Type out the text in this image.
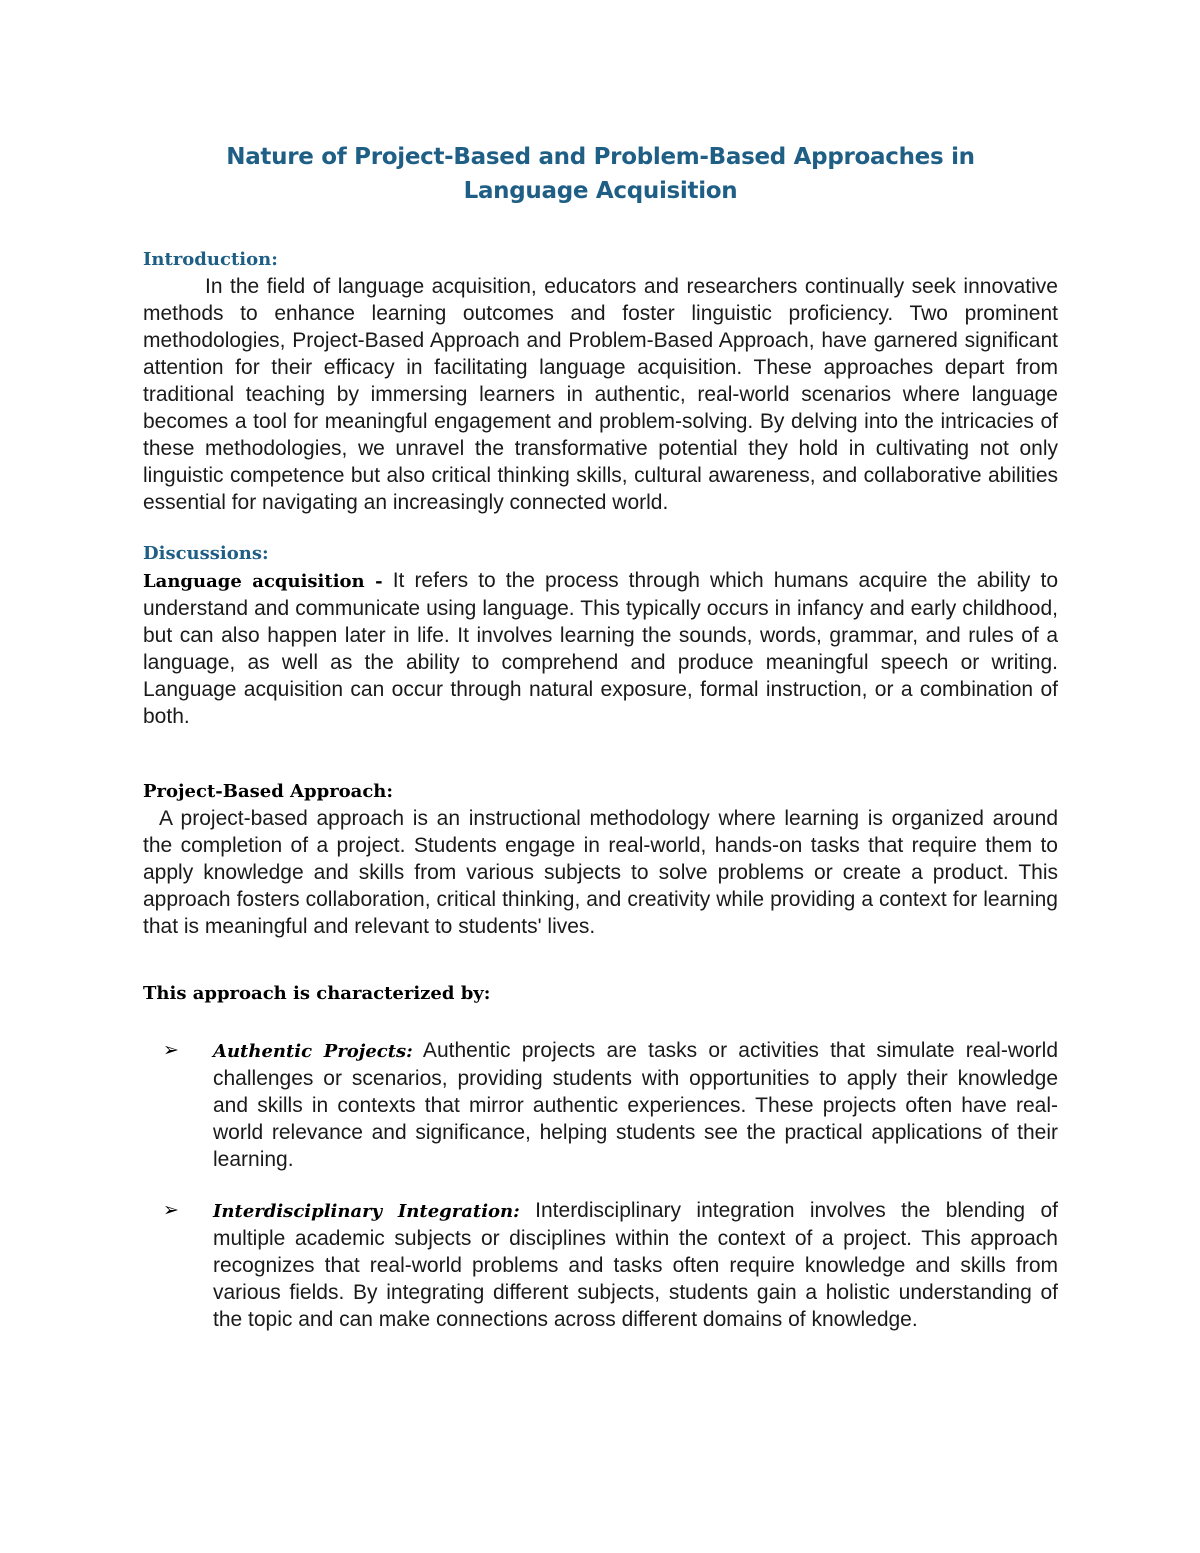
Nature of Project-Based and Problem-Based Approaches in
Language Acquisition

Introduction:

In the field of language acquisition, educators and researchers continually seek innovative methods to enhance learning outcomes and foster linguistic proficiency. Two prominent methodologies, Project-Based Approach and Problem-Based Approach, have garnered significant attention for their efficacy in facilitating language acquisition. These approaches depart from traditional teaching by immersing learners in authentic, real-world scenarios where language becomes a tool for meaningful engagement and problem-solving. By delving into the intricacies of these methodologies, we unravel the transformative potential they hold in cultivating not only linguistic competence but also critical thinking skills, cultural awareness, and collaborative abilities essential for navigating an increasingly connected world.

Discussions:

Language acquisition - It refers to the process through which humans acquire the ability to understand and communicate using language. This typically occurs in infancy and early childhood, but can also happen later in life. It involves learning the sounds, words, grammar, and rules of a language, as well as the ability to comprehend and produce meaningful speech or writing. Language acquisition can occur through natural exposure, formal instruction, or a combination of both.

Project-Based Approach:

A project-based approach is an instructional methodology where learning is organized around the completion of a project. Students engage in real-world, hands-on tasks that require them to apply knowledge and skills from various subjects to solve problems or create a product. This approach fosters collaboration, critical thinking, and creativity while providing a context for learning that is meaningful and relevant to students' lives.

This approach is characterized by:

➢ Authentic Projects: Authentic projects are tasks or activities that simulate real-world challenges or scenarios, providing students with opportunities to apply their knowledge and skills in contexts that mirror authentic experiences. These projects often have real-world relevance and significance, helping students see the practical applications of their learning.

➢ Interdisciplinary Integration: Interdisciplinary integration involves the blending of multiple academic subjects or disciplines within the context of a project. This approach recognizes that real-world problems and tasks often require knowledge and skills from various fields. By integrating different subjects, students gain a holistic understanding of the topic and can make connections across different domains of knowledge.
